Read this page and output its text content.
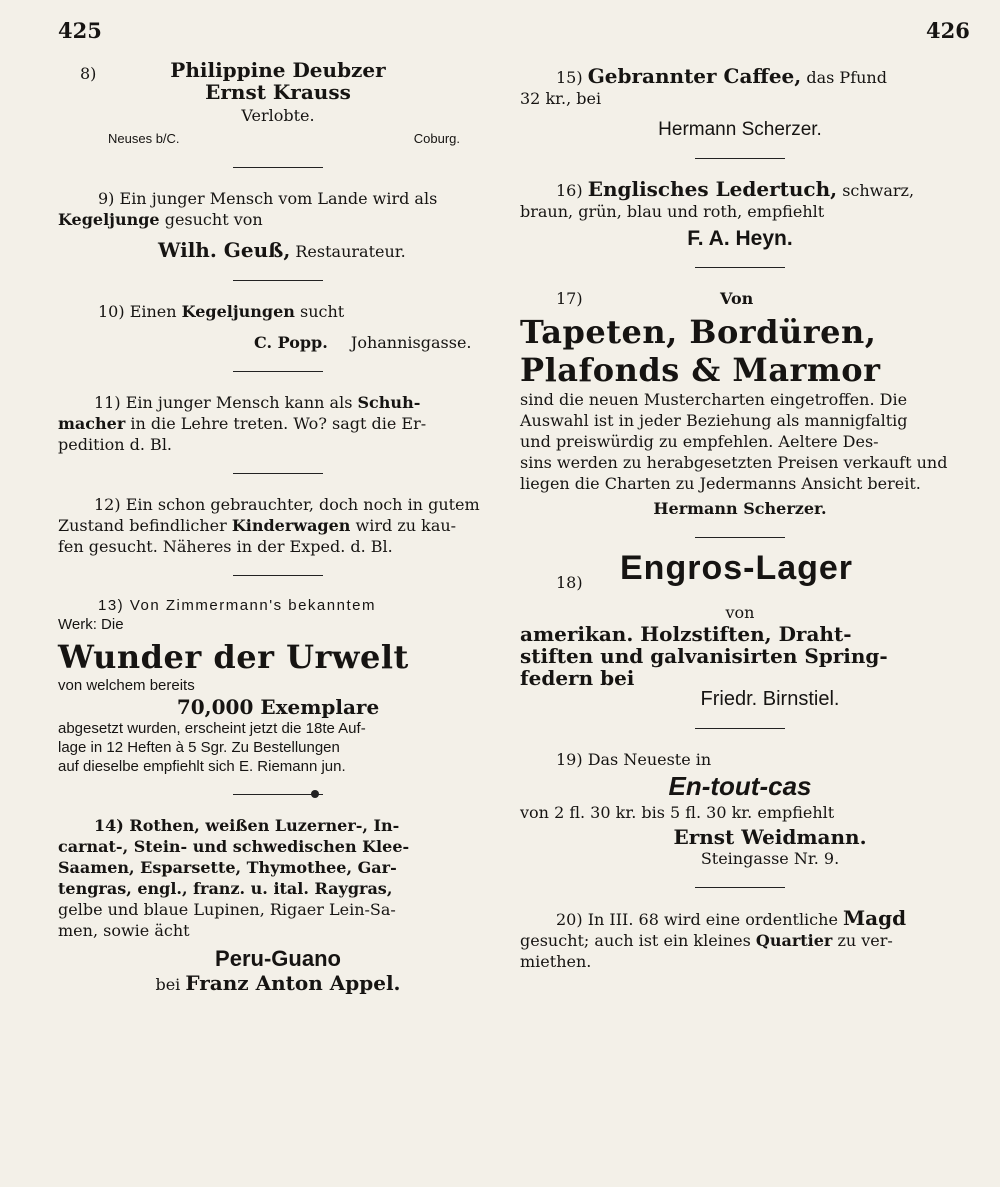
425	426
8)	Philippine Deubzer
Ernst Krauss
Verlobte.
Neuses b/C.	Coburg.

9) Ein junger Mensch vom Lande wird als

Kegeljunge gesucht von

Wilh. Geuß, Restaurateur.

10) Einen Kegeljungen sucht

C. Popp. Johannisgasse.

11) Ein junger Mensch kann als Schuh-

macher in die Lehre treten. Wo? sagt die Er-

pedition d. Bl.

12) Ein schon gebrauchter, doch noch in gutem

Zustand befindlicher Kinderwagen wird zu kau-

fen gesucht. Näheres in der Exped. d. Bl.

13) Von Zimmermann's bekanntem

Werk: Die

Wunder der Urwelt

von welchem bereits

70,000 Exemplare

abgesetzt wurden, erscheint jetzt die 18te Auf-

lage in 12 Heften à 5 Sgr. Zu Bestellungen

auf dieselbe empfiehlt sich E. Riemann jun.

14) Rothen, weißen Luzerner-, In-

carnat-, Stein- und schwedischen Klee-

Saamen, Esparsette, Thymothee, Gar-

tengras, engl., franz. u. ital. Raygras,

gelbe und blaue Lupinen, Rigaer Lein-Sa-

men, sowie ächt

Peru-Guano

bei Franz Anton Appel.

15) Gebrannter Caffee, das Pfund

32 kr., bei

Hermann Scherzer.

16) Englisches Ledertuch, schwarz,

braun, grün, blau und roth, empfiehlt

F. A. Heyn.

17)	Von

Tapeten, Bordüren,

Plafonds & Marmor

sind die neuen Mustercharten eingetroffen. Die

Auswahl ist in jeder Beziehung als mannigfaltig

und preiswürdig zu empfehlen. Aeltere Des-

sins werden zu herabgesetzten Preisen verkauft und

liegen die Charten zu Jedermanns Ansicht bereit.

Hermann Scherzer.

18) Engros-Lager

von

amerikan. Holzstiften, Draht-

stiften und galvanisirten Spring-

federn bei

Friedr. Birnstiel.

19) Das Neueste in

En-tout-cas

von 2 fl. 30 kr. bis 5 fl. 30 kr. empfiehlt

Ernst Weidmann.

Steingasse Nr. 9.

20) In III. 68 wird eine ordentliche Magd

gesucht; auch ist ein kleines Quartier zu ver-

miethen.
